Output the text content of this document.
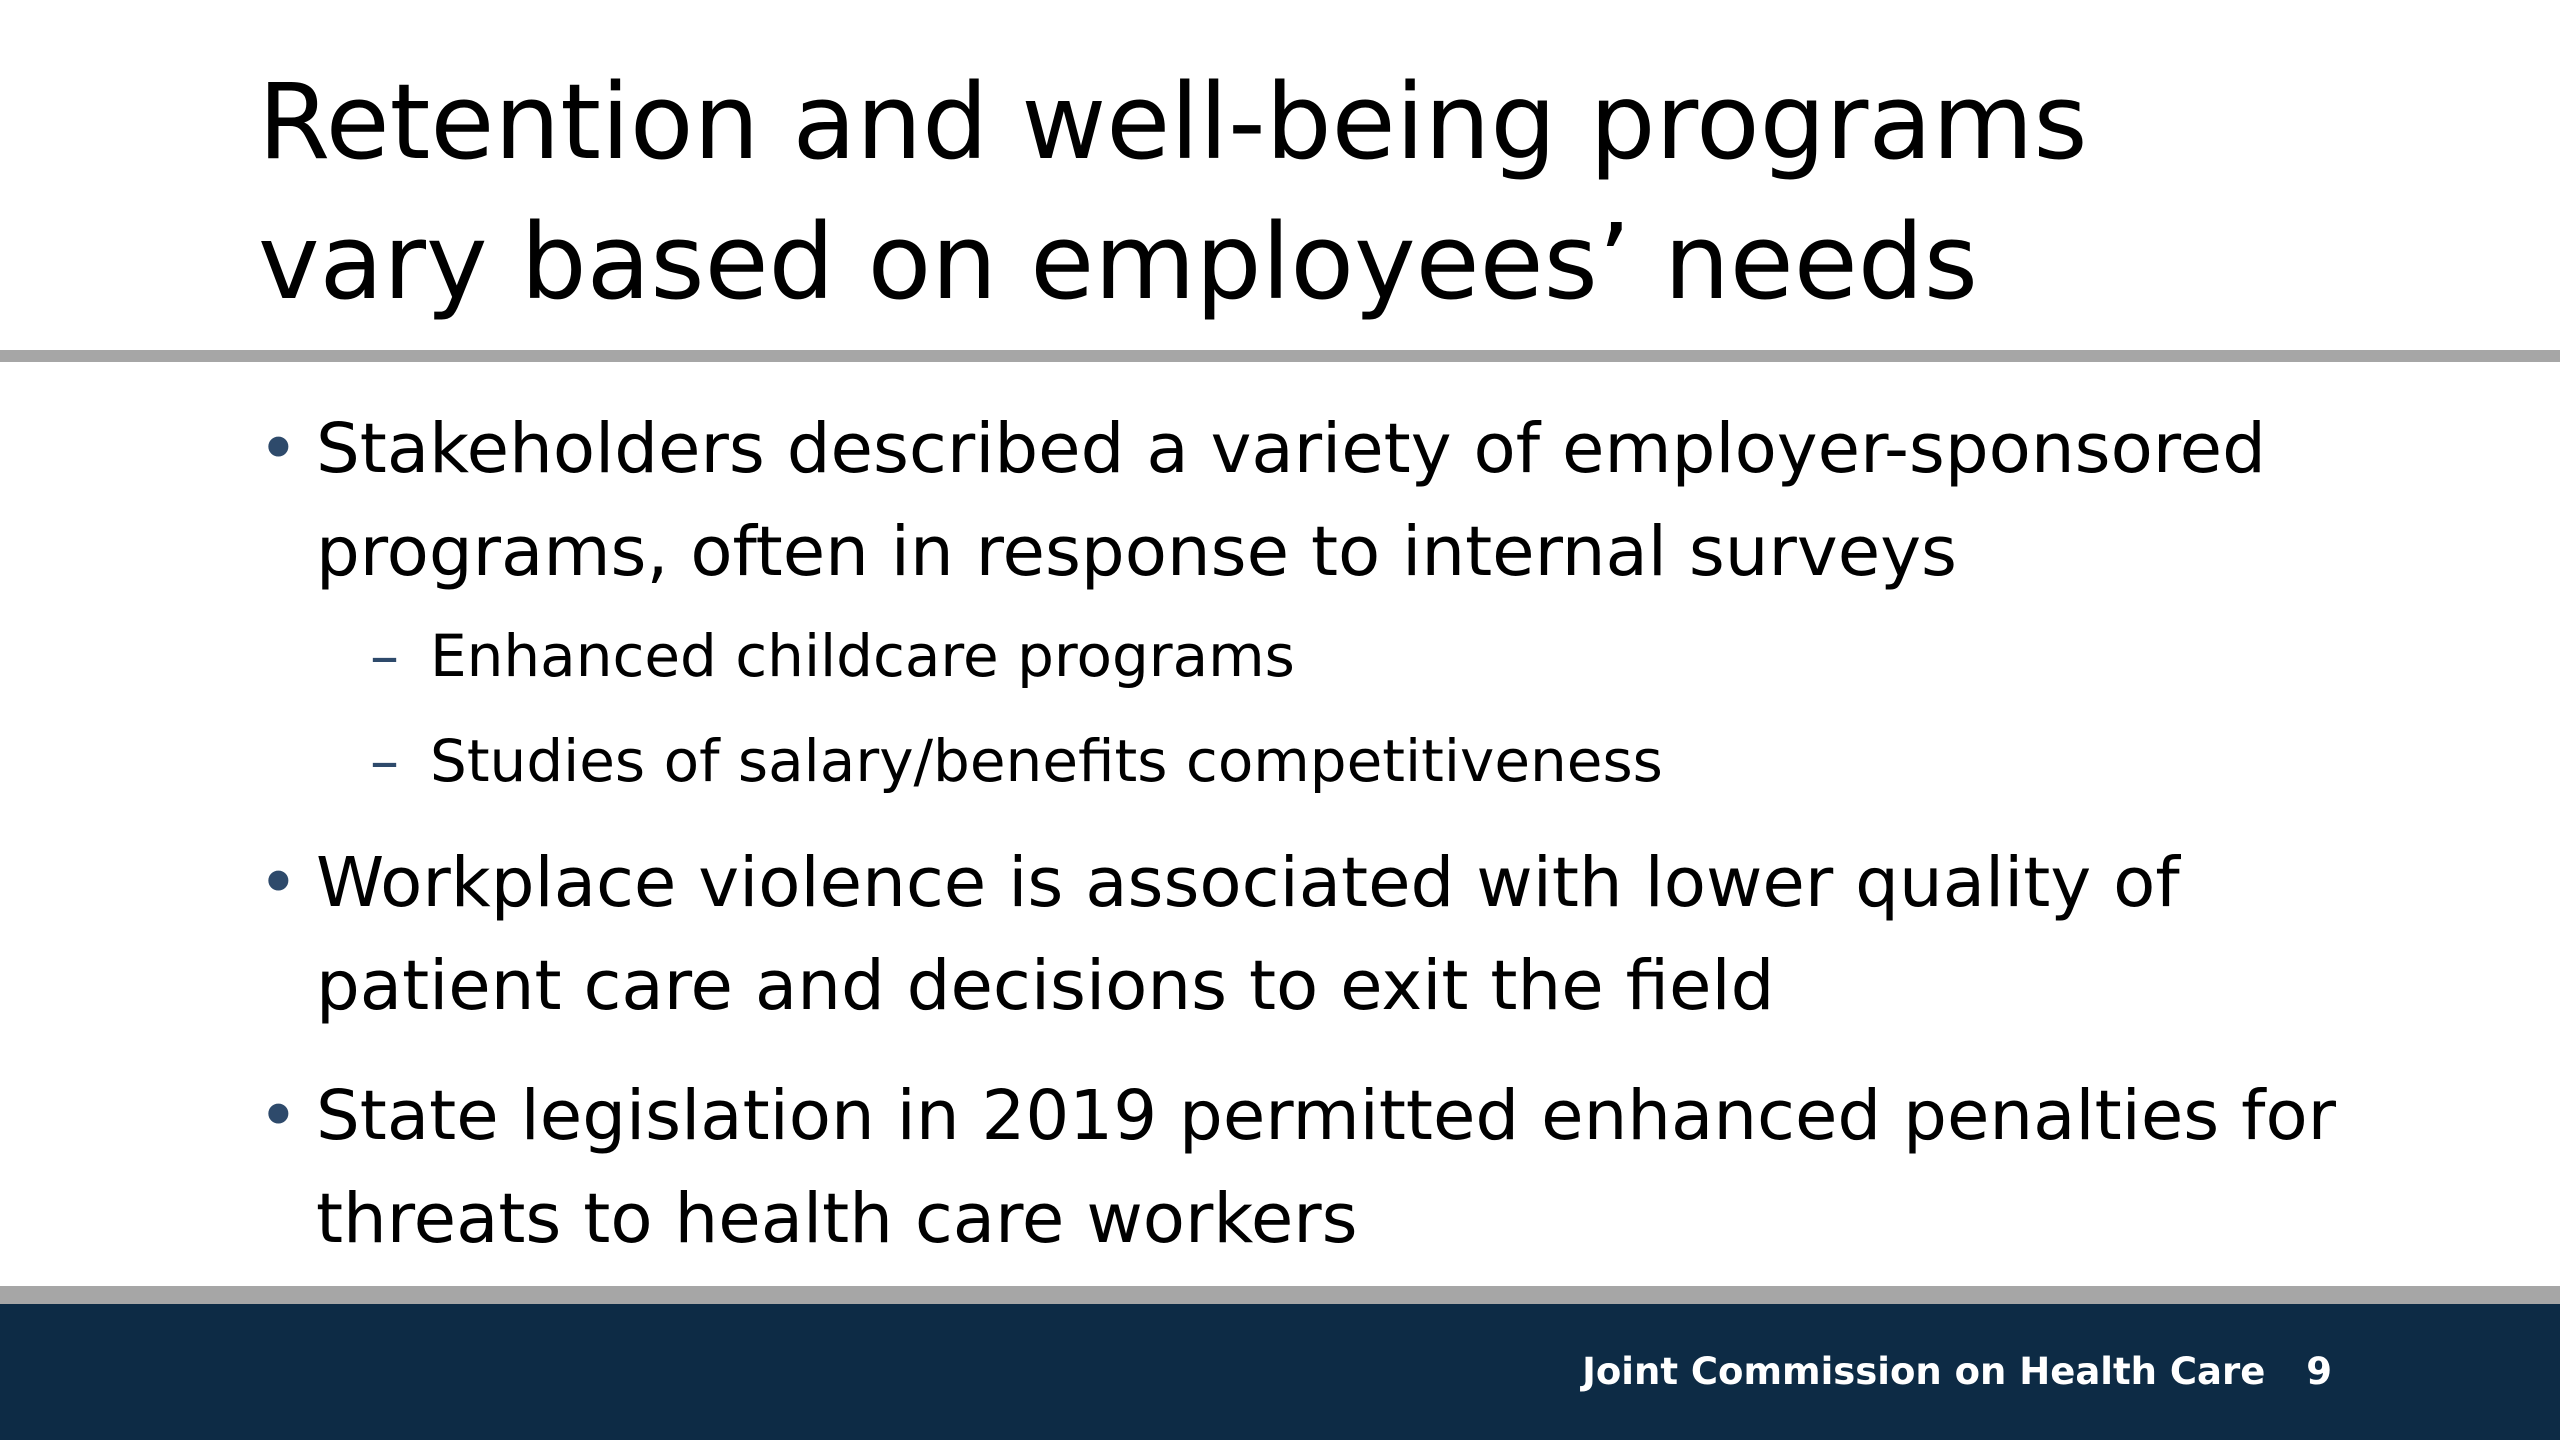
Retention and well-being programs
vary based on employees’ needs
• Stakeholders described a variety of employer-sponsored
programs, often in response to internal surveys
– Enhanced childcare programs
– Studies of salary/benefits competitiveness
• Workplace violence is associated with lower quality of
patient care and decisions to exit the field
• State legislation in 2019 permitted enhanced penalties for
threats to health care workers
Joint Commission on Health Care 9
